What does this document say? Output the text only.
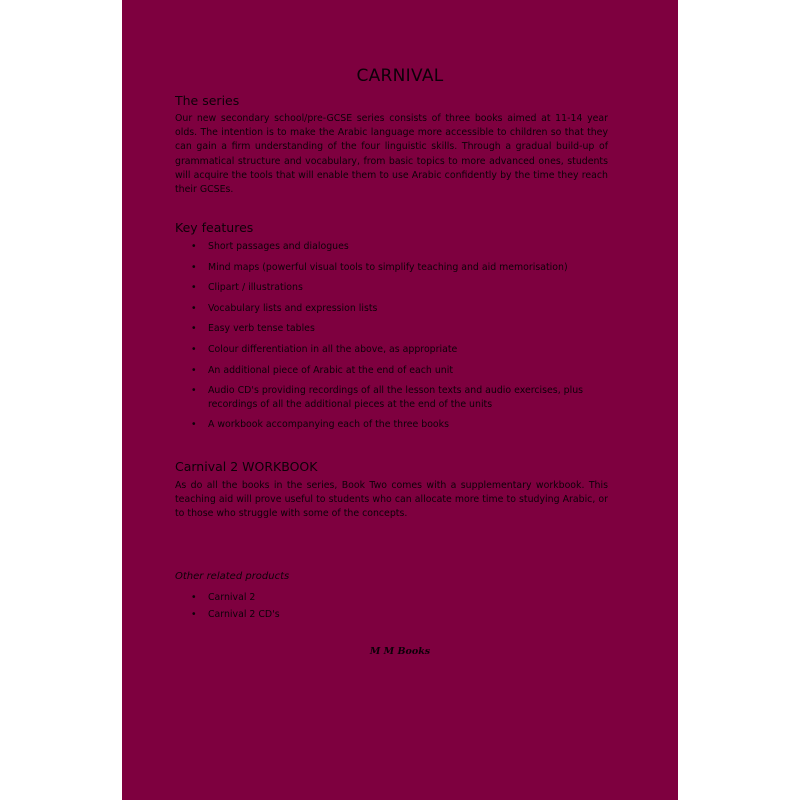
CARNIVAL
The series

Our new secondary school/pre-GCSE series consists of three books aimed at 11-14 year olds. The intention is to make the Arabic language more accessible to children so that they can gain a firm understanding of the four linguistic skills. Through a gradual build-up of grammatical structure and vocabulary, from basic topics to more advanced ones, students will acquire the tools that will enable them to use Arabic confidently by the time they reach their GCSEs.

Key features
• Short passages and dialogues
• Mind maps (powerful visual tools to simplify teaching and aid memorisation)
• Clipart / illustrations
• Vocabulary lists and expression lists
• Easy verb tense tables
• Colour differentiation in all the above, as appropriate
• An additional piece of Arabic at the end of each unit
• Audio CD's providing recordings of all the lesson texts and audio exercises, plus recordings of all the additional pieces at the end of the units
• A workbook accompanying each of the three books
Carnival 2 WORKBOOK

As do all the books in the series, Book Two comes with a supplementary workbook. This teaching aid will prove useful to students who can allocate more time to studying Arabic, or to those who struggle with some of the concepts.

Other related products
• Carnival 2
• Carnival 2 CD's
M M Books
